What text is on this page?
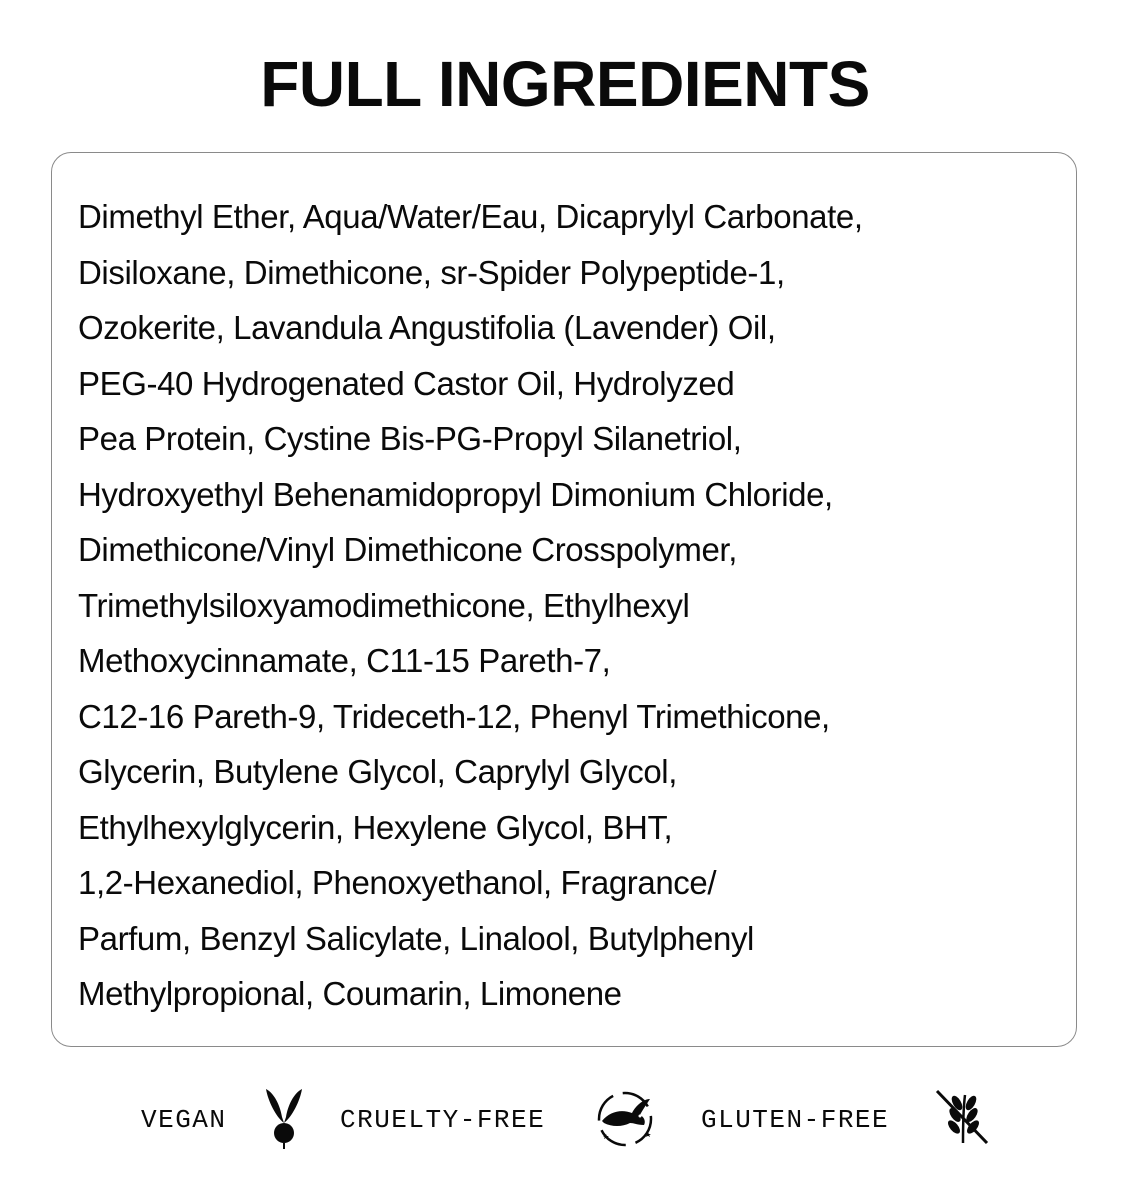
FULL INGREDIENTS
Dimethyl Ether, Aqua/Water/Eau, Dicaprylyl Carbonate,
Disiloxane, Dimethicone, sr-Spider Polypeptide-1,
Ozokerite, Lavandula Angustifolia (Lavender) Oil,
PEG-40 Hydrogenated Castor Oil, Hydrolyzed
Pea Protein, Cystine Bis-PG-Propyl Silanetriol,
Hydroxyethyl Behenamidopropyl Dimonium Chloride,
Dimethicone/Vinyl Dimethicone Crosspolymer,
Trimethylsiloxyamodimethicone, Ethylhexyl
Methoxycinnamate, C11-15 Pareth-7,
C12-16 Pareth-9, Trideceth-12, Phenyl Trimethicone,
Glycerin, Butylene Glycol, Caprylyl Glycol,
Ethylhexylglycerin, Hexylene Glycol, BHT,
1,2-Hexanediol, Phenoxyethanol, Fragrance/
Parfum, Benzyl Salicylate, Linalool, Butylphenyl
Methylpropional, Coumarin, Limonene
VEGAN	CRUELTY-FREE	GLUTEN-FREE
